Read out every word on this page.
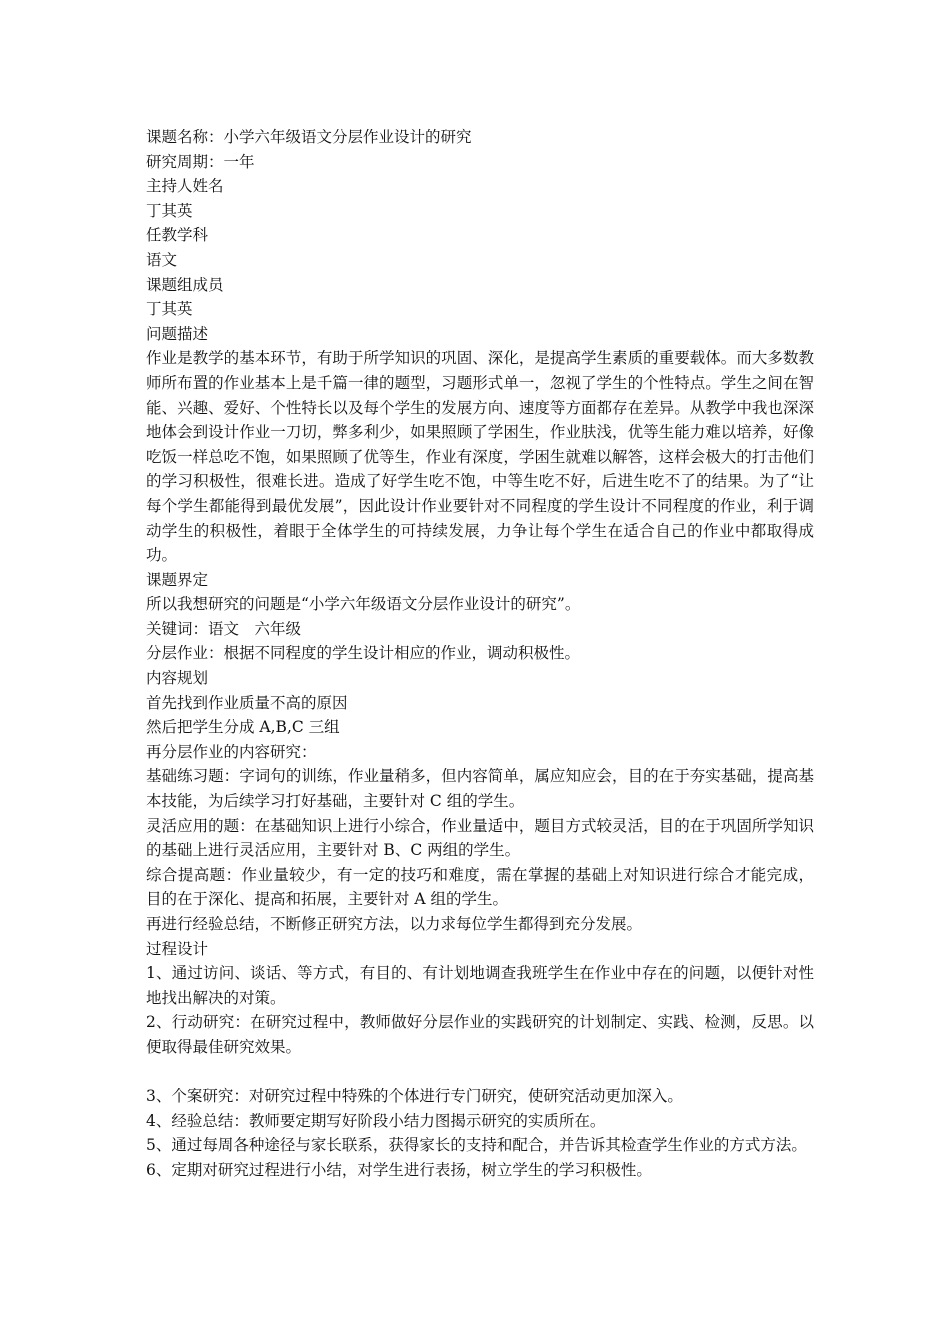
课题名称：小学六年级语文分层作业设计的研究
研究周期：一年
主持人姓名
丁其英
任教学科
语文
课题组成员
丁其英
问题描述
作业是教学的基本环节，有助于所学知识的巩固、深化，是提高学生素质的重要载体。而大多数教师所布置的作业基本上是千篇一律的题型，习题形式单一，忽视了学生的个性特点。学生之间在智能、兴趣、爱好、个性特长以及每个学生的发展方向、速度等方面都存在差异。从教学中我也深深地体会到设计作业一刀切，弊多利少，如果照顾了学困生，作业肤浅，优等生能力难以培养，好像吃饭一样总吃不饱，如果照顾了优等生，作业有深度，学困生就难以解答，这样会极大的打击他们的学习积极性，很难长进。造成了好学生吃不饱，中等生吃不好，后进生吃不了的结果。为了“让每个学生都能得到最优发展”，因此设计作业要针对不同程度的学生设计不同程度的作业，利于调动学生的积极性，着眼于全体学生的可持续发展，力争让每个学生在适合自己的作业中都取得成功。
课题界定
所以我想研究的问题是“小学六年级语文分层作业设计的研究”。
关键词：语文　六年级
分层作业：根据不同程度的学生设计相应的作业，调动积极性。
内容规划
首先找到作业质量不高的原因
然后把学生分成 A,B,C 三组
再分层作业的内容研究：
基础练习题：字词句的训练，作业量稍多，但内容简单，属应知应会，目的在于夯实基础，提高基本技能，为后续学习打好基础，主要针对 C 组的学生。
灵活应用的题：在基础知识上进行小综合，作业量适中，题目方式较灵活，目的在于巩固所学知识的基础上进行灵活应用，主要针对 B、C 两组的学生。
综合提高题：作业量较少，有一定的技巧和难度，需在掌握的基础上对知识进行综合才能完成， 目的在于深化、提高和拓展，主要针对 A 组的学生。
再进行经验总结，不断修正研究方法，以力求每位学生都得到充分发展。
过程设计
1、通过访问、谈话、等方式，有目的、有计划地调查我班学生在作业中存在的问题，以便针对性地找出解决的对策。
2、行动研究：在研究过程中，教师做好分层作业的实践研究的计划制定、实践、检测，反思。以便取得最佳研究效果。
3、个案研究：对研究过程中特殊的个体进行专门研究，使研究活动更加深入。
4、经验总结：教师要定期写好阶段小结力图揭示研究的实质所在。
5、通过每周各种途径与家长联系，获得家长的支持和配合，并告诉其检查学生作业的方式方法。
6、定期对研究过程进行小结，对学生进行表扬，树立学生的学习积极性。
